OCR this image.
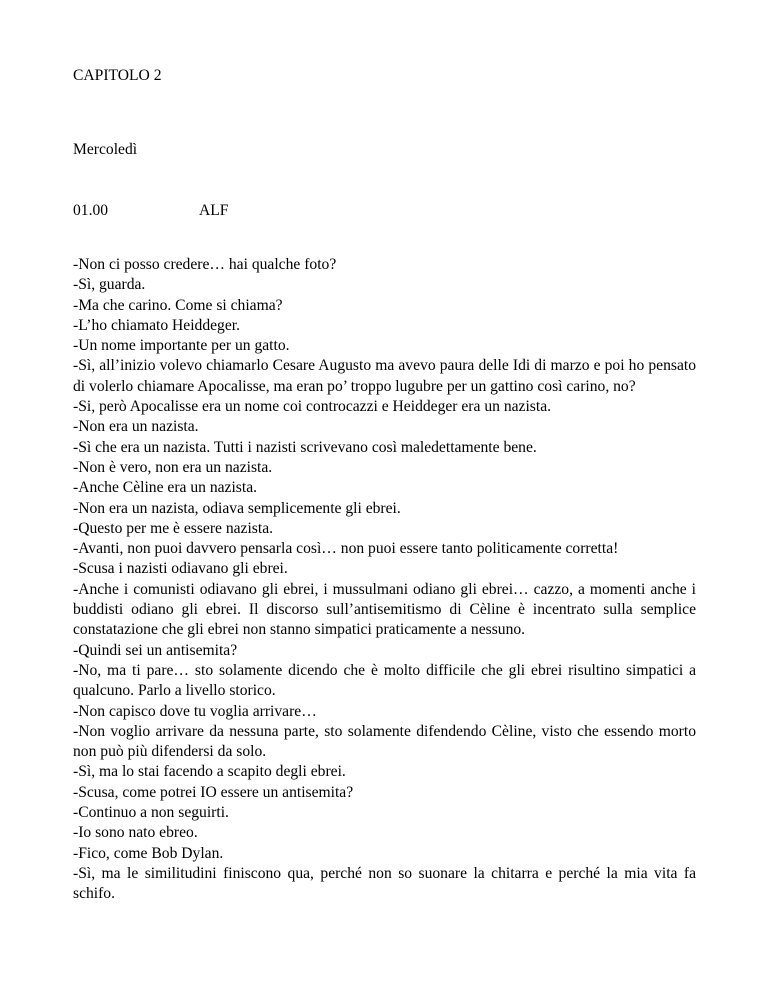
CAPITOLO 2

Mercoledì

01.00	ALF

-Non ci posso credere… hai qualche foto?
-Sì, guarda.
-Ma che carino. Come si chiama?
-L’ho chiamato Heiddeger.
-Un nome importante per un gatto.
-Sì, all’inizio volevo chiamarlo Cesare Augusto ma avevo paura delle Idi di marzo e poi ho pensato di volerlo chiamare Apocalisse, ma eran po’ troppo lugubre per un gattino così carino, no?
-Si, però Apocalisse era un nome coi controcazzi e Heiddeger era un nazista.
-Non era un nazista.
-Sì che era un nazista. Tutti i nazisti scrivevano così maledettamente bene.
-Non è vero, non era un nazista.
-Anche Cèline era un nazista.
-Non era un nazista, odiava semplicemente gli ebrei.
-Questo per me è essere nazista.
-Avanti, non puoi davvero pensarla così… non puoi essere tanto politicamente corretta!
-Scusa i nazisti odiavano gli ebrei.
-Anche i comunisti odiavano gli ebrei, i mussulmani odiano gli ebrei… cazzo, a momenti anche i buddisti odiano gli ebrei. Il discorso sull’antisemitismo di Cèline è incentrato sulla semplice constatazione che gli ebrei non stanno simpatici praticamente a nessuno.
-Quindi sei un antisemita?
-No, ma ti pare… sto solamente dicendo che è molto difficile che gli ebrei risultino simpatici a qualcuno. Parlo a livello storico.
-Non capisco dove tu voglia arrivare…
-Non voglio arrivare da nessuna parte, sto solamente difendendo Cèline, visto che essendo morto non può più difendersi da solo.
-Sì, ma lo stai facendo a scapito degli ebrei.
-Scusa, come potrei IO essere un antisemita?
-Continuo a non seguirti.
-Io sono nato ebreo.
-Fico, come Bob Dylan.
-Sì, ma le similitudini finiscono qua, perché non so suonare la chitarra e perché la mia vita fa schifo.
